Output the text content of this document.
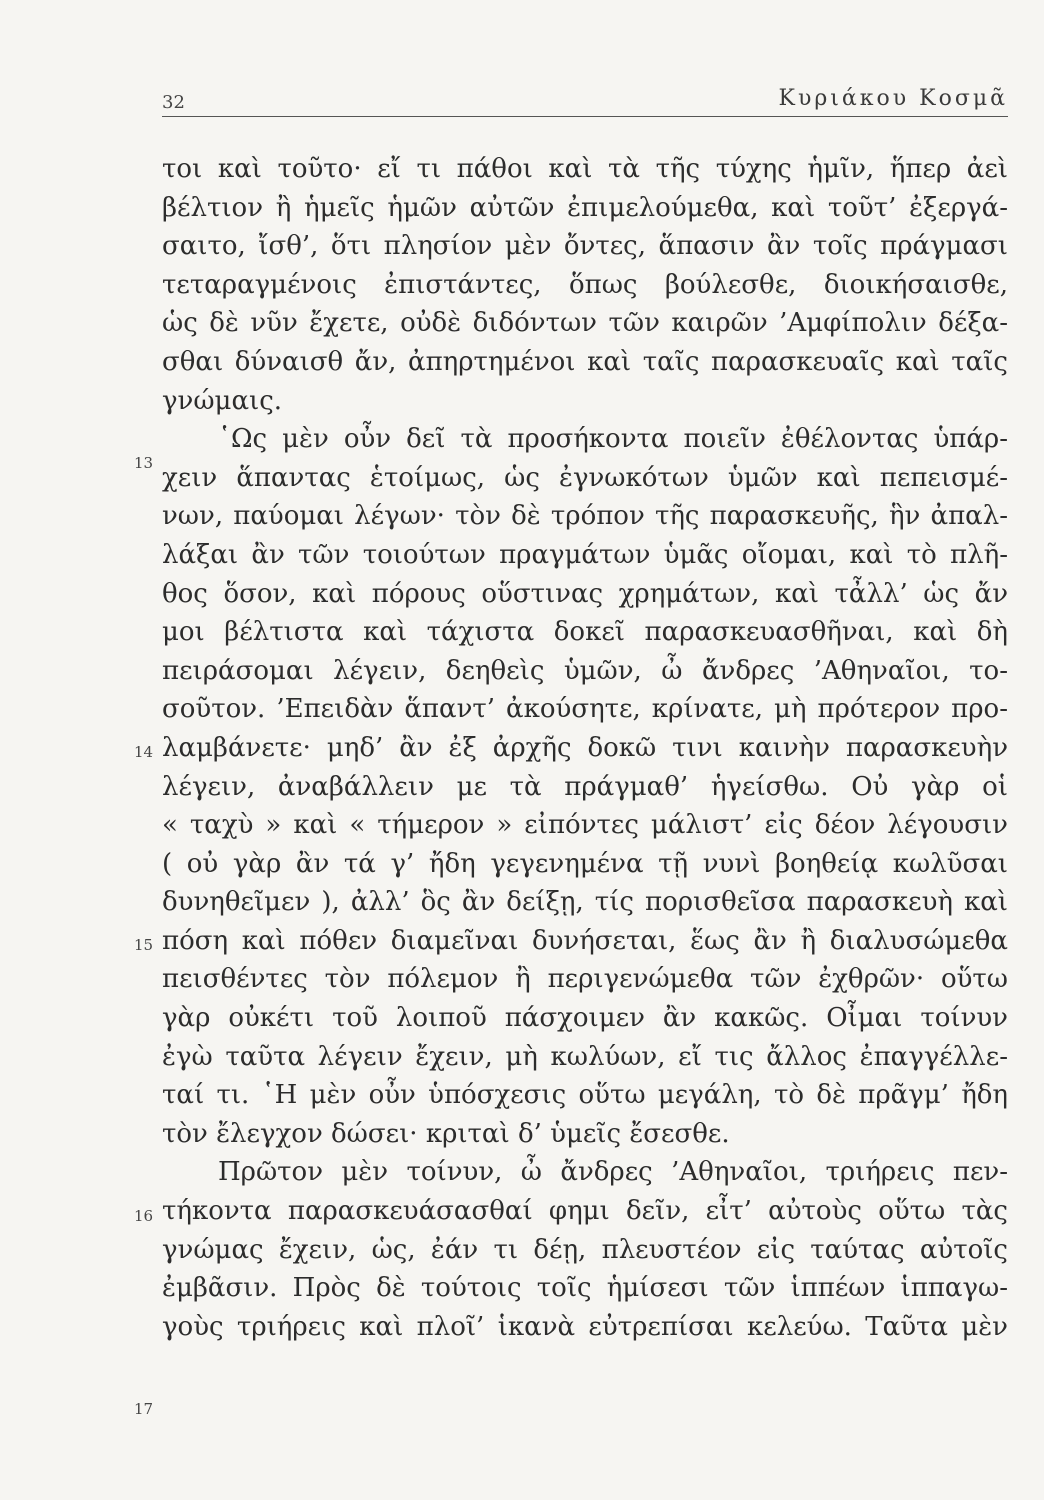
32	Κυριάκου Κοσμᾶ
13
14
15
16
17
τοι καὶ τοῦτο· εἴ τι πάθοι καὶ τὰ τῆς τύχης ἡμῖν, ἥπερ ἀεὶ
βέλτιον ἢ ἡμεῖς ἡμῶν αὐτῶν ἐπιμελούμεθα, καὶ τοῦτ’ ἐξεργά-
σαιτο, ἴσθ’, ὅτι πλησίον μὲν ὄντες, ἅπασιν ἂν τοῖς πράγμασι
τεταραγμένοις ἐπιστάντες, ὅπως βούλεσθε, διοικήσαισθε,
ὡς δὲ νῦν ἔχετε, οὐδὲ διδόντων τῶν καιρῶν ’Αμφίπολιν δέξα-
σθαι δύναισθ ἄν, ἀπηρτημένοι καὶ ταῖς παρασκευαῖς καὶ ταῖς
γνώμαις.
῾Ως μὲν οὖν δεῖ τὰ προσήκοντα ποιεῖν ἐθέλοντας ὑπάρ-
χειν ἅπαντας ἑτοίμως, ὡς ἐγνωκότων ὑμῶν καὶ πεπεισμέ-
νων, παύομαι λέγων· τὸν δὲ τρόπον τῆς παρασκευῆς, ἣν ἀπαλ-
λάξαι ἂν τῶν τοιούτων πραγμάτων ὑμᾶς οἴομαι, καὶ τὸ πλῆ-
θος ὅσον, καὶ πόρους οὕστινας χρημάτων, καὶ τἆλλ’ ὡς ἄν
μοι βέλτιστα καὶ τάχιστα δοκεῖ παρασκευασθῆναι, καὶ δὴ
πειράσομαι λέγειν, δεηθεὶς ὑμῶν, ὦ ἄνδρες ’Αθηναῖοι, το-
σοῦτον. ’Επειδὰν ἅπαντ’ ἀκούσητε, κρίνατε, μὴ πρότερον προ-
λαμβάνετε· μηδ’ ἂν ἐξ ἀρχῆς δοκῶ τινι καινὴν παρασκευὴν
λέγειν, ἀναβάλλειν με τὰ πράγμαθ’ ἡγείσθω. Οὐ γὰρ οἱ
« ταχὺ » καὶ « τήμερον » εἰπόντες μάλιστ’ εἰς δέον λέγουσιν
( οὐ γὰρ ἂν τά γ’ ἤδη γεγενημένα τῇ νυνὶ βοηθείᾳ κωλῦσαι
δυνηθεῖμεν ), ἀλλ’ ὃς ἂν δείξῃ, τίς πορισθεῖσα παρασκευὴ καὶ
πόση καὶ πόθεν διαμεῖναι δυνήσεται, ἕως ἂν ἢ διαλυσώμεθα
πεισθέντες τὸν πόλεμον ἢ περιγενώμεθα τῶν ἐχθρῶν· οὕτω
γὰρ οὐκέτι τοῦ λοιποῦ πάσχοιμεν ἂν κακῶς. Οἶμαι τοίνυν
ἐγὼ ταῦτα λέγειν ἔχειν, μὴ κωλύων, εἴ τις ἄλλος ἐπαγγέλλε-
ταί τι. ῾Η μὲν οὖν ὑπόσχεσις οὕτω μεγάλη, τὸ δὲ πρᾶγμ’ ἤδη
τὸν ἔλεγχον δώσει· κριταὶ δ’ ὑμεῖς ἔσεσθε.
Πρῶτον μὲν τοίνυν, ὦ ἄνδρες ’Αθηναῖοι, τριήρεις πεν-
τήκοντα παρασκευάσασθαί φημι δεῖν, εἶτ’ αὐτοὺς οὕτω τὰς
γνώμας ἔχειν, ὡς, ἐάν τι δέῃ, πλευστέον εἰς ταύτας αὐτοῖς
ἐμβᾶσιν. Πρὸς δὲ τούτοις τοῖς ἡμίσεσι τῶν ἱππέων ἱππαγω-
γοὺς τριήρεις καὶ πλοῖ’ ἱκανὰ εὐτρεπίσαι κελεύω. Ταῦτα μὲν
